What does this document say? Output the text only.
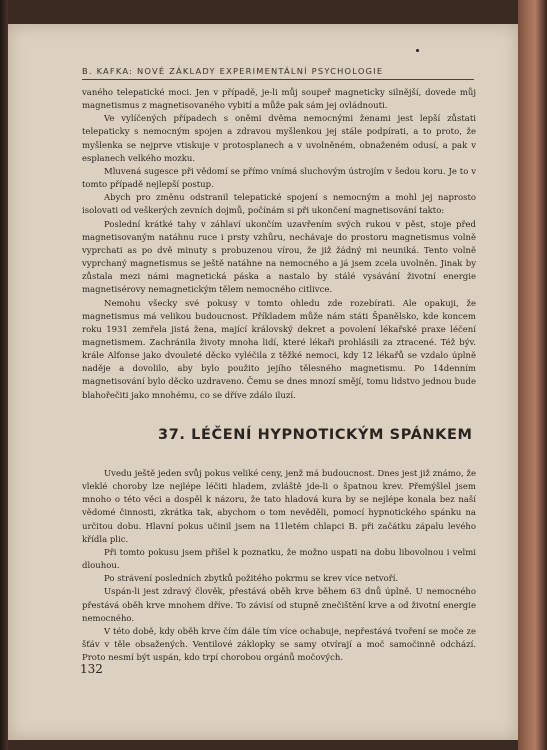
B. KAFKA: NOVÉ ZÁKLADY EXPERIMENTÁLNÍ PSYCHOLOGIE

vaného telepatické moci. Jen v případě, je-li můj soupeř magneticky silnější, dovede můj magnetismus z magnetisovaného vybití a může pak sám jej ovládnouti.

Ve vylíčených případech s oněmi dvěma nemocnými ženami jest lepší zůstati telepaticky s nemocným spojen a zdravou myšlenkou jej stále podpírati, a to proto, že myšlenka se nejprve vtiskuje v protosplanech a v uvolněném, obnaženém odusí, a pak v esplanech velkého mozku.

Mluvená sugesce při vědomí se přímo vnímá sluchovým ústrojím v šedou koru. Je to v tomto případě nejlepší postup.

Abych pro změnu odstranil telepatické spojení s nemocným a mohl jej naprosto isolovati od veškerých zevních dojmů, počínám si při ukončení magnetisování takto:

Poslední krátké tahy v záhlaví ukončím uzavřením svých rukou v pěst, stoje před magnetisovaným natáhnu ruce i prsty vzhůru, nechávaje do prostoru magnetismus volně vyprchati as po dvě minuty s probuzenou vírou, že již žádný mi neuniká. Tento volně vyprchaný magnetismus se ještě natáhne na nemocného a já jsem zcela uvolněn. Jinak by zůstala mezi námi magnetická páska a nastalo by stálé vysávání životní energie magnetisérovy nemagnetickým tělem nemocného citlivce.

Nemohu všecky své pokusy v tomto ohledu zde rozebírati. Ale opakuji, že magnetismus má velikou budoucnost. Příkladem může nám státi Španělsko, kde koncem roku 1931 zemřela jistá žena, mající královský dekret a povolení lékařské praxe léčení magnetismem. Zachránila životy mnoha lidí, které lékaři prohlásili za ztracené. Též býv. krále Alfonse jako dvouleté děcko vyléčila z těžké nemoci, kdy 12 lékařů se vzdalo úplně naděje a dovolilo, aby bylo použito jejího tělesného magnetismu. Po 14denním magnetisování bylo děcko uzdraveno. Čemu se dnes mnozí smějí, tomu lidstvo jednou bude blahořečiti jako mnohému, co se dříve zdálo iluzí.

37. LÉČENÍ HYPNOTICKÝM SPÁNKEM

Uvedu ještě jeden svůj pokus veliké ceny, jenž má budoucnost. Dnes jest již známo, že vleklé choroby lze nejlépe léčiti hladem, zvláště jde-li o špatnou krev. Přemýšlel jsem mnoho o této věci a dospěl k názoru, že tato hladová kura by se nejlépe konala bez naší vědomé činnosti, zkrátka tak, abychom o tom nevěděli, pomocí hypnotického spánku na určitou dobu. Hlavní pokus učinil jsem na 11letém chlapci B. při začátku zápalu levého křídla plic.

Při tomto pokusu jsem přišel k poznatku, že možno uspati na dobu libovolnou i velmi dlouhou.

Po strávení posledních zbytků požitého pokrmu se krev více netvoří.

Uspán-li jest zdravý člověk, přestává oběh krve během 63 dnů úplně. U nemocného přestává oběh krve mnohem dříve. To závisí od stupně znečištění krve a od životní energie nemocného.

V této době, kdy oběh krve čím dále tím více ochabuje, nepřestává tvoření se moče ze šťáv v těle obsažených. Ventilové záklopky se samy otvírají a moč samočinně odchází. Proto nesmí být uspán, kdo trpí chorobou orgánů močových.

132
